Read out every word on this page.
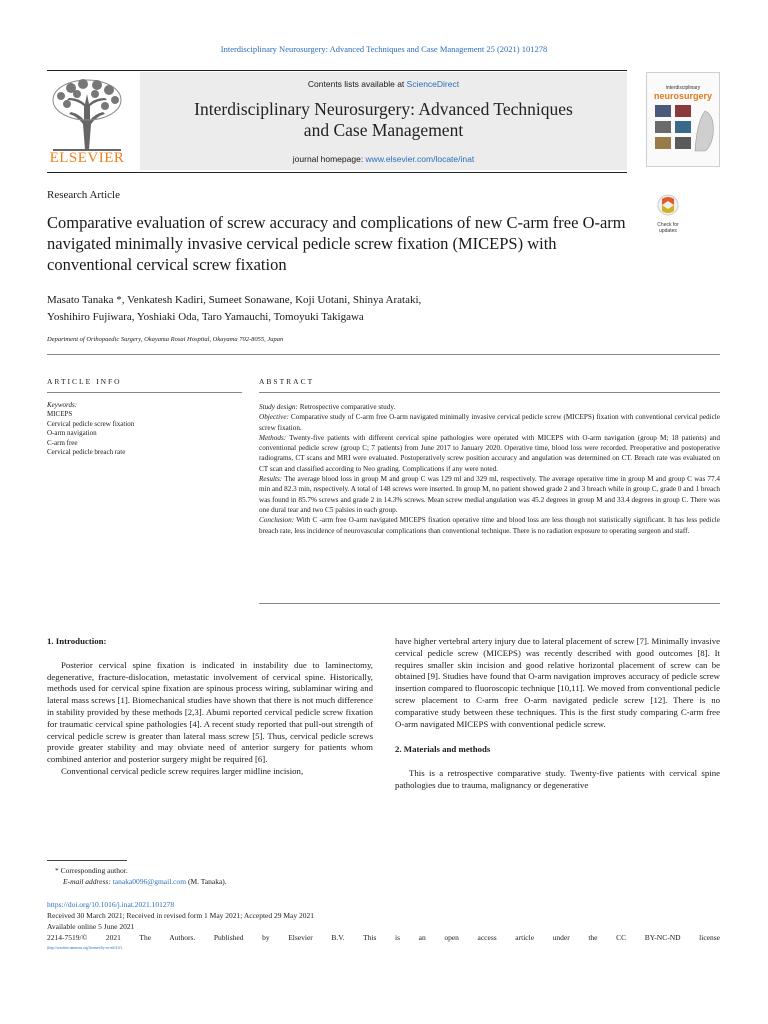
Interdisciplinary Neurosurgery: Advanced Techniques and Case Management 25 (2021) 101278
ELSEVIER
Contents lists available at ScienceDirect
Interdisciplinary Neurosurgery: Advanced Techniques
and Case Management
journal homepage: www.elsevier.com/locate/inat
interdisciplinary
neurosurgery
Research Article
Check for updates
Comparative evaluation of screw accuracy and complications of new C-arm free O-arm navigated minimally invasive cervical pedicle screw fixation (MICEPS) with conventional cervical screw fixation
Masato Tanaka *, Venkatesh Kadiri, Sumeet Sonawane, Koji Uotani, Shinya Arataki,
Yoshihiro Fujiwara, Yoshiaki Oda, Taro Yamauchi, Tomoyuki Takigawa
Department of Orthopaedic Surgery, Okayama Rosai Hospital, Okayama 702-8055, Japan
ARTICLE INFO
Keywords:
MICEPS
Cervical pedicle screw fixation
O-arm navigation
C-arm free
Cervical pedicle breach rate
ABSTRACT
Study design: Retrospective comparative study.
Objective: Comparative study of C-arm free O-arm navigated minimally invasive cervical pedicle screw (MICEPS) fixation with conventional cervical pedicle screw fixation.
Methods: Twenty-five patients with different cervical spine pathologies were operated with MICEPS with O-arm navigation (group M; 18 patients) and conventional pedicle screw (group C; 7 patients) from June 2017 to January 2020. Operative time, blood loss were recorded. Preoperative and postoperative radiograms, CT scans and MRI were evaluated. Postoperatively screw position accuracy and angulation was determined on CT. Breach rate was evaluated on CT scan and classified according to Neo grading. Complications if any were noted.
Results: The average blood loss in group M and group C was 129 ml and 329 ml, respectively. The average operative time in group M and group C was 77.4 min and 82.3 min, respectively. A total of 148 screws were inserted. In group M, no patient showed grade 2 and 3 breach while in group C, grade 0 and 1 breach was found in 85.7% screws and grade 2 in 14.3% screws. Mean screw medial angulation was 45.2 degrees in group M and 33.4 degrees in group C. There was one dural tear and two C5 palsies in each group.
Conclusion: With C -arm free O-arm navigated MICEPS fixation operative time and blood loss are less though not statistically significant. It has less pedicle breach rate, less incidence of neurovascular complications than conventional technique. There is no radiation exposure to operating surgeon and staff.
1. Introduction:

Posterior cervical spine fixation is indicated in instability due to laminectomy, degenerative, fracture-dislocation, metastatic involvement of cervical spine. Historically, methods used for cervical spine fixation are spinous process wiring, sublaminar wiring and lateral mass screws [1]. Biomechanical studies have shown that there is not much difference in stability provided by these methods [2,3]. Abumi reported cervical pedicle screw fixation for traumatic cervical spine pathologies [4]. A recent study reported that pull-out strength of cervical pedicle screw is greater than lateral mass screw [5]. Thus, cervical pedicle screws provide greater stability and may obviate need of anterior surgery for patients whom combined anterior and posterior surgery might be required [6].

Conventional cervical pedicle screw requires larger midline incision,

have higher vertebral artery injury due to lateral placement of screw [7]. Minimally invasive cervical pedicle screw (MICEPS) was recently described with good outcomes [8]. It requires smaller skin incision and good relative horizontal placement of screw can be obtained [9]. Studies have found that O-arm navigation improves accuracy of pedicle screw insertion compared to fluoroscopic technique [10,11]. We moved from conventional pedicle screw placement to C-arm free O-arm navigated pedicle screw [12]. There is no comparative study between these techniques. This is the first study comparing C-arm free O-arm navigated MICEPS with conventional pedicle screw.

2. Materials and methods

This is a retrospective comparative study. Twenty-five patients with cervical spine pathologies due to trauma, malignancy or degenerative

* Corresponding author.
E-mail address: tanaka0096@gmail.com (M. Tanaka).
https://doi.org/10.1016/j.inat.2021.101278
Received 30 March 2021; Received in revised form 1 May 2021; Accepted 29 May 2021
Available online 5 June 2021
2214-7519/© 2021 The Authors. Published by Elsevier B.V. This is an open access article under the CC BY-NC-ND license
(http://creativecommons.org/licenses/by-nc-nd/4.0/).
